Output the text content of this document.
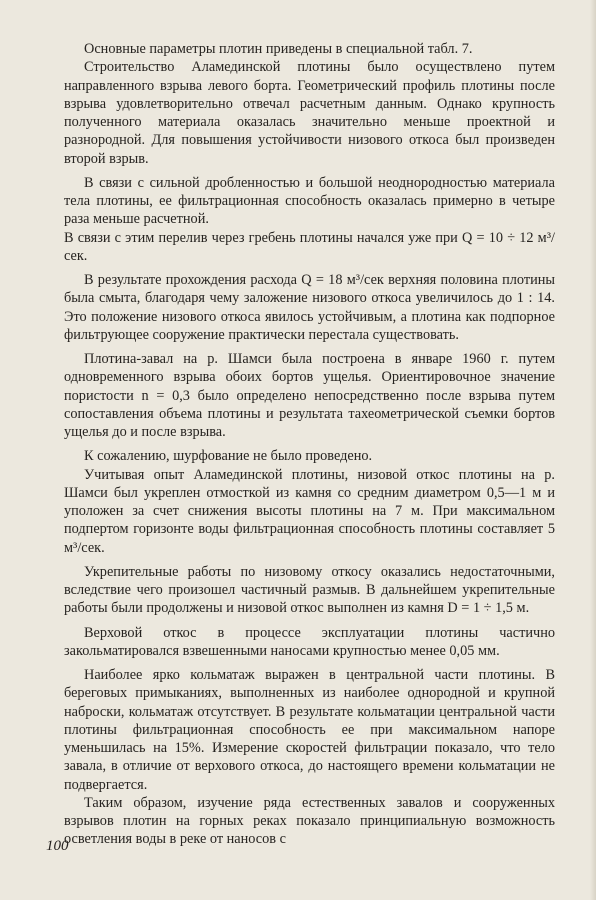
Основные параметры плотин приведены в специальной табл. 7.

Строительство Аламединской плотины было осуществлено путем направленного взрыва левого борта. Геометрический профиль плотины после взрыва удовлетворительно отвечал расчетным данным. Однако крупность полученного материала оказалась значительно меньше проектной и разнородной. Для повышения устойчивости низового откоса был произведен второй взрыв.

В связи с сильной дробленностью и большой неоднородностью материала тела плотины, ее фильтрационная способность оказалась примерно в четыре раза меньше расчетной.

В связи с этим перелив через гребень плотины начался уже при Q = 10 ÷ 12 м³/сек.

В результате прохождения расхода Q = 18 м³/сек верхняя половина плотины была смыта, благодаря чему заложение низового откоса увеличилось до 1 : 14. Это положение низового откоса явилось устойчивым, а плотина как подпорное фильтрующее сооружение практически перестала существовать.

Плотина-завал на р. Шамси была построена в январе 1960 г. путем одновременного взрыва обоих бортов ущелья. Ориентировочное значение пористости n = 0,3 было определено непосредственно после взрыва путем сопоставления объема плотины и результата тахеометрической съемки бортов ущелья до и после взрыва.

К сожалению, шурфование не было проведено.

Учитывая опыт Аламединской плотины, низовой откос плотины на р. Шамси был укреплен отмосткой из камня со средним диаметром 0,5—1 м и уположен за счет снижения высоты плотины на 7 м. При максимальном подпертом горизонте воды фильтрационная способность плотины составляет 5 м³/сек.

Укрепительные работы по низовому откосу оказались недостаточными, вследствие чего произошел частичный размыв. В дальнейшем укрепительные работы были продолжены и низовой откос выполнен из камня D = 1 ÷ 1,5 м.

Верховой откос в процессе эксплуатации плотины частично закольматировался взвешенными наносами крупностью менее 0,05 мм.

Наиболее ярко кольматаж выражен в центральной части плотины. В береговых примыканиях, выполненных из наиболее однородной и крупной наброски, кольматаж отсутствует. В результате кольматации центральной части плотины фильтрационная способность ее при максимальном напоре уменьшилась на 15%. Измерение скоростей фильтрации показало, что тело завала, в отличие от верхового откоса, до настоящего времени кольматации не подвергается.

Таким образом, изучение ряда естественных завалов и сооруженных взрывов плотин на горных реках показало принципиальную возможность осветления воды в реке от наносов с

100
